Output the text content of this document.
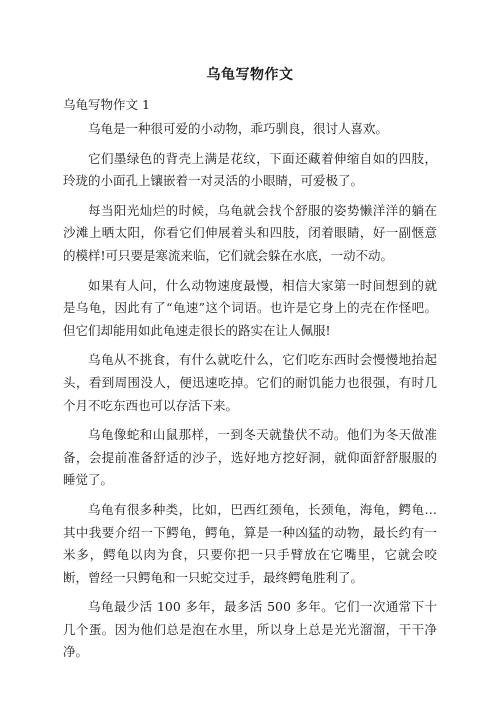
乌龟写物作文
乌龟写物作文 1

乌龟是一种很可爱的小动物，乖巧驯良，很讨人喜欢。

它们墨绿色的背壳上满是花纹，下面还藏着伸缩自如的四肢，玲珑的小面孔上镶嵌着一对灵活的小眼睛，可爱极了。

每当阳光灿烂的时候，乌龟就会找个舒服的姿势懒洋洋的躺在沙滩上晒太阳，你看它们伸展着头和四肢，闭着眼睛，好一副惬意的模样!可只要是寒流来临，它们就会躲在水底，一动不动。

如果有人问，什么动物速度最慢，相信大家第一时间想到的就是乌龟，因此有了“龟速”这个词语。也许是它身上的壳在作怪吧。但它们却能用如此龟速走很长的路实在让人佩服!

乌龟从不挑食，有什么就吃什么，它们吃东西时会慢慢地抬起头，看到周围没人，便迅速吃掉。它们的耐饥能力也很强，有时几个月不吃东西也可以存活下来。

乌龟像蛇和山鼠那样，一到冬天就蛰伏不动。他们为冬天做准备，会提前准备舒适的沙子，选好地方挖好洞，就仰面舒舒服服的睡觉了。

乌龟有很多种类，比如，巴西红颈龟，长颈龟，海龟，鳄龟…其中我要介绍一下鳄龟，鳄龟，算是一种凶猛的动物，最长约有一米多，鳄龟以肉为食，只要你把一只手臂放在它嘴里，它就会咬断，曾经一只鳄龟和一只蛇交过手，最终鳄龟胜利了。

乌龟最少活 100 多年，最多活 500 多年。它们一次通常下十几个蛋。因为他们总是泡在水里，所以身上总是光光溜溜，干干净净。
